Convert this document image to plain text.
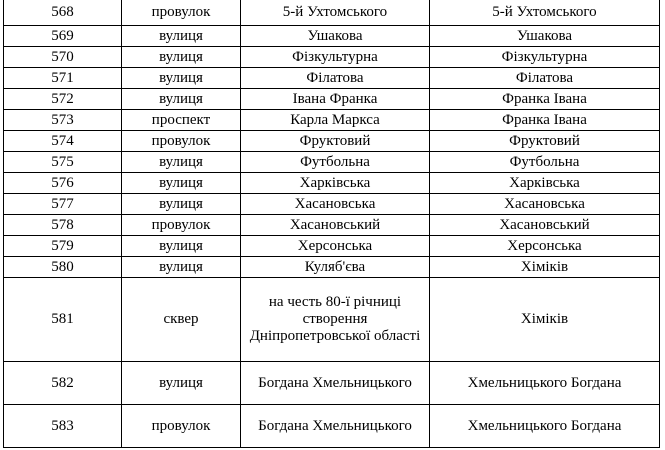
568	провулок	5-й Ухтомського	5-й Ухтомського
569	вулиця	Ушакова	Ушакова
570	вулиця	Фізкультурна	Фізкультурна
571	вулиця	Філатова	Філатова
572	вулиця	Івана Франка	Франка Івана
573	проспект	Карла Маркса	Франка Івана
574	провулок	Фруктовий	Фруктовий
575	вулиця	Футбольна	Футбольна
576	вулиця	Харківська	Харківська
577	вулиця	Хасановська	Хасановська
578	провулок	Хасановський	Хасановський
579	вулиця	Херсонська	Херсонська
580	вулиця	Куляб'єва	Хіміків
581	сквер	на честь 80-ї річниці створення Дніпропетровської області	Хіміків
582	вулиця	Богдана Хмельницького	Хмельницького Богдана
583	провулок	Богдана Хмельницького	Хмельницького Богдана
